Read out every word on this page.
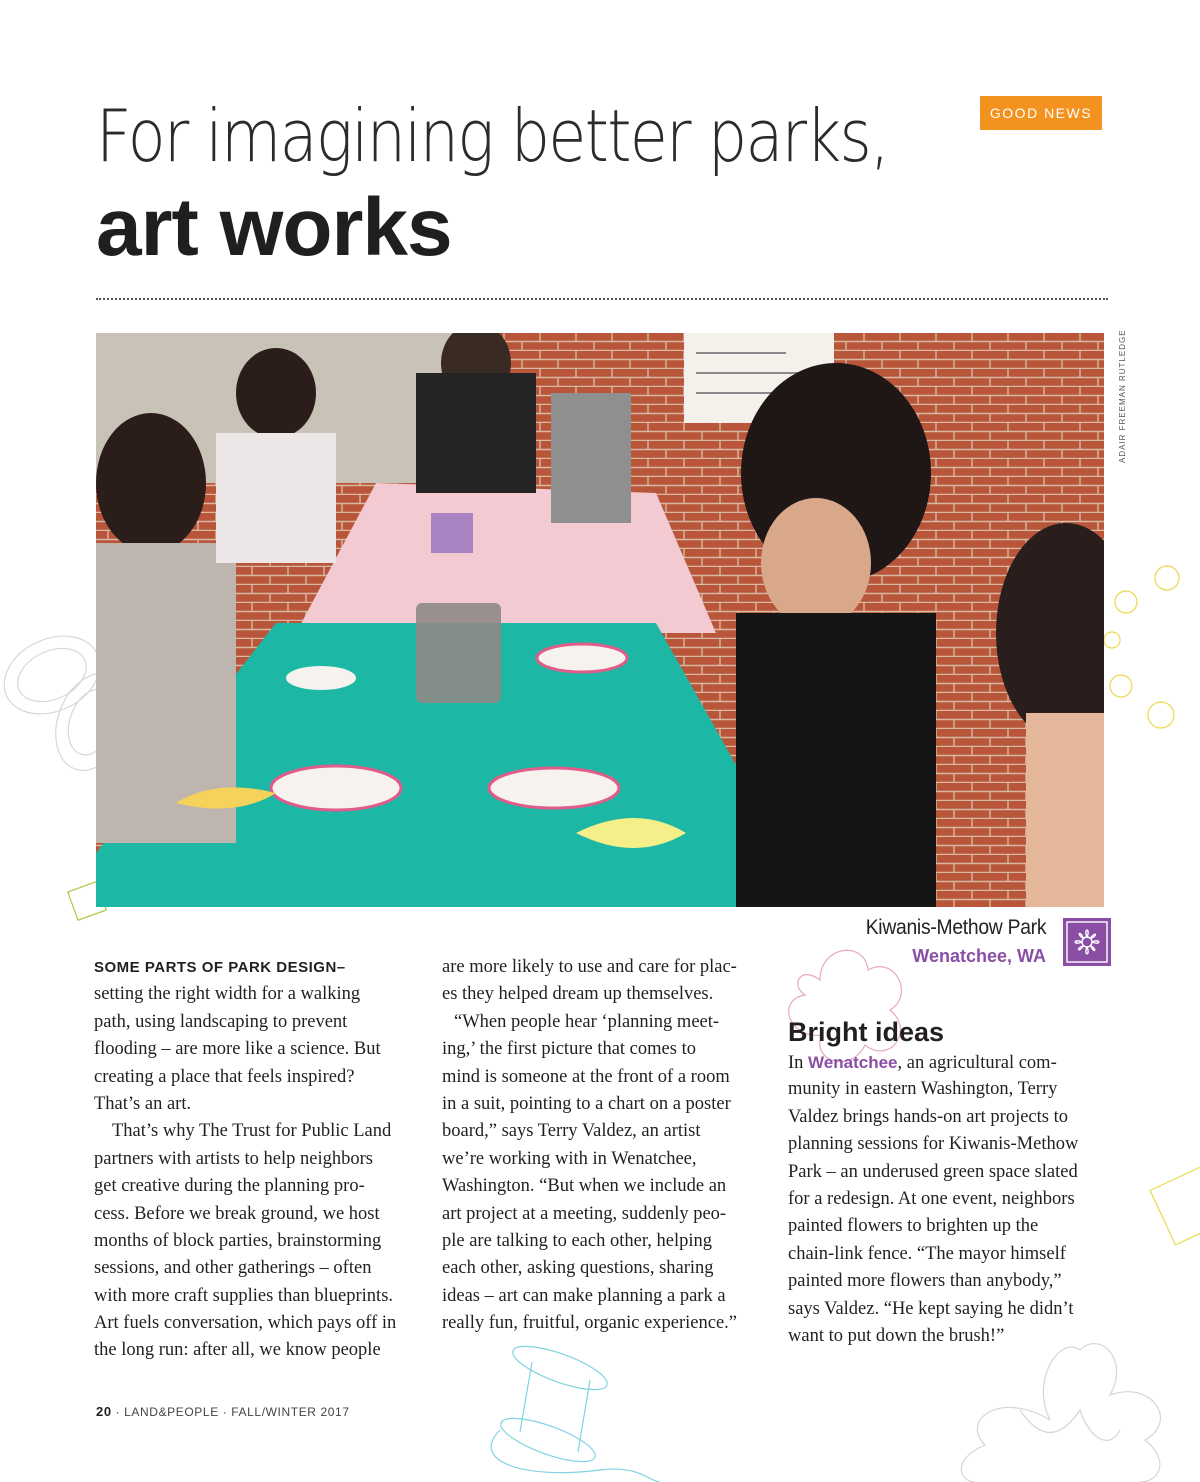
For imagining better parks,
art works
GOOD NEWS
ADAIR FREEMAN RUTLEDGE
Kiwanis-Methow Park
Wenatchee, WA
SOME PARTS OF PARK DESIGN–
setting the right width for a walking
path, using landscaping to prevent
flooding – are more like a science. But
creating a place that feels inspired?
That’s an art.
That’s why The Trust for Public Land
partners with artists to help neighbors
get creative during the planning pro-
cess. Before we break ground, we host
months of block parties, brainstorming
sessions, and other gatherings – often
with more craft supplies than blueprints.
Art fuels conversation, which pays off in
the long run: after all, we know people
are more likely to use and care for plac-
es they helped dream up themselves.
“When people hear ‘planning meet-
ing,’ the first picture that comes to
mind is someone at the front of a room
in a suit, pointing to a chart on a poster
board,” says Terry Valdez, an artist
we’re working with in Wenatchee,
Washington. “But when we include an
art project at a meeting, suddenly peo-
ple are talking to each other, helping
each other, asking questions, sharing
ideas – art can make planning a park a
really fun, fruitful, organic experience.”
Bright ideas
In Wenatchee, an agricultural com-
munity in eastern Washington, Terry
Valdez brings hands-on art projects to
planning sessions for Kiwanis-Methow
Park – an underused green space slated
for a redesign. At one event, neighbors
painted flowers to brighten up the
chain-link fence. “The mayor himself
painted more flowers than anybody,”
says Valdez. “He kept saying he didn’t
want to put down the brush!”
20 · LAND&PEOPLE · FALL/WINTER 2017
